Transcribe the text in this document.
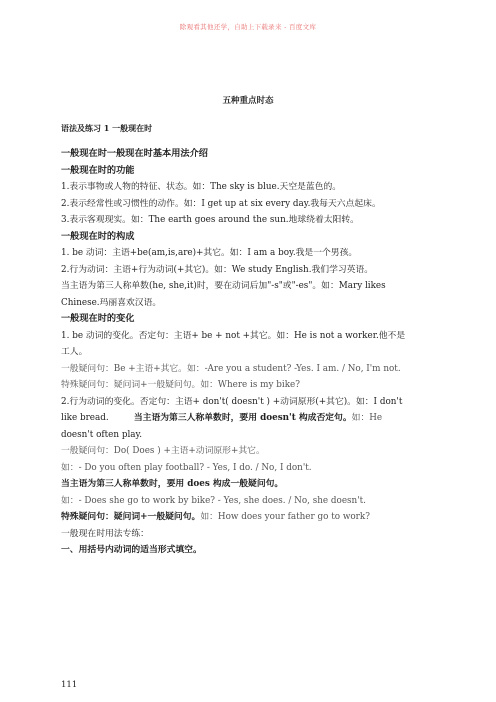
除观看其他还学，自助上下载录来 - 百度文库
五种重点时态
语法及练习 1 一般现在时
一般现在时一般现在时基本用法介绍
一般现在时的功能
1.表示事物或人物的特征、状态。如：The sky is blue.天空是蓝色的。
2.表示经常性或习惯性的动作。如：I get up at six every day.我每天六点起床。
3.表示客观现实。如：The earth goes around the sun.地球绕着太阳转。
一般现在时的构成
1. be 动词：主语+be(am,is,are)+其它。如：I am a boy.我是一个男孩。
2.行为动词：主语+行为动词(+其它)。如：We study English.我们学习英语。
当主语为第三人称单数(he, she,it)时，要在动词后加"-s"或"-es"。如：Mary likes
Chinese.玛丽喜欢汉语。
一般现在时的变化
1. be 动词的变化。否定句：主语+ be + not +其它。如：He is not a worker.他不是
工人。
一般疑问句：Be +主语+其它。如：-Are you a student? -Yes. I am. / No, I'm not.
特殊疑问句：疑问词+一般疑问句。如：Where is my bike?
2.行为动词的变化。否定句：主语+ don't( doesn't ) +动词原形(+其它)。如：I don't
like bread.	当主语为第三人称单数时，要用 doesn't 构成否定句。如：He
doesn't often play.
一般疑问句：Do( Does ) +主语+动词原形+其它。
如：- Do you often play football? - Yes, I do. / No, I don't.
当主语为第三人称单数时，要用 does 构成一般疑问句。
如：- Does she go to work by bike? - Yes, she does. / No, she doesn't.
特殊疑问句：疑问词+一般疑问句。如：How does your father go to work?
一般现在时用法专练：
一、用括号内动词的适当形式填空。
111
